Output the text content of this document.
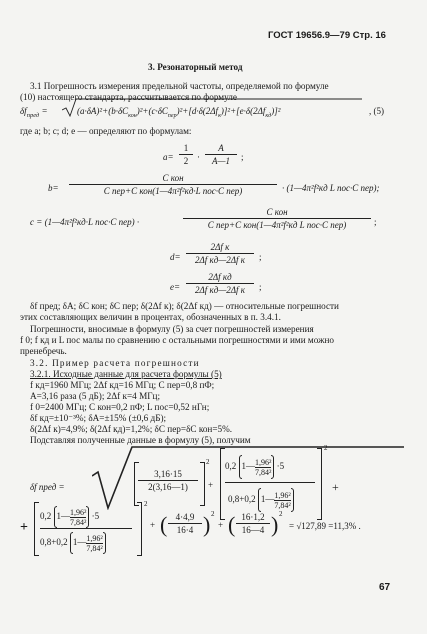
ГОСТ 19656.9—79 Стр. 16
3. Резонаторный метод
3.1 Погрешность измерения предельной частоты, определяемой по формуле
(10) настоящего стандарта, рассчитывается по формуле
$\delta f_{пред}$ =	$(a\cdot\delta A)^2+(b\cdot\delta C_{кон})^2+(c\cdot\delta C_{пер})^2+[d\cdot\delta(2\Delta f_к)]^2+[e\cdot\delta(2\Delta f_{кд})]^2$	, (5)
где a; b; c; d; e — определяют по формулам:
$a= \frac{1}{2} \cdot \frac{A}{A—1}$ ;
b=
C кон
C пер+C кон(1—4π²f²кд·L пос·C пер)	· (1—4π²f²кд L пос·C пер);
c = (1—4π²f²кд·L пос·C пер) ·
C кон
C пер+C кон(1—4π²f²кд L пос·C пер)	;
d=
2Δf к
2Δf кд—2Δf к	;
e=
2Δf кд
2Δf кд—2Δf к	;
δf пред; δA; δC кон; δC пер; δ(2Δf к); δ(2Δf кд) — относительные погрешности
этих составляющих величин в процентах, обозначенных в п. 3.4.1.
Погрешности, вносимые в формулу (5) за счет погрешностей измерения
f 0; f кд и L пос малы по сравнению с остальными погрешностями и ими можно
пренебречь.
3.2. Пример расчета погрешности
3.2.1. Исходные данные для расчета формулы (5)
f кд=1960 МГц; 2Δf кд=16 МГц; C пер=0,8 пФ;
A=3,16 раза (5 дБ); 2Δf к=4 МГц;
f 0=2400 МГц; C кон=0,2 пФ; L пос=0,52 нГн;
δf кд=±10⁻³%; δA=±15% (±0,6 дБ);
δ(2Δf к)=4,9%; δ(2Δf кд)=1,2%; δC пер=δC кон=5%.
Подставляя полученные данные в формулу (5), получим
δf пред =	$\frac{3,16\cdot 15}{2(3,16—1)}$
2
+
0,2 1— $\frac{\text{1,96²}}{\text{7,84²}} \cdot 5$
0,8+0,2 1— $\frac{\text{1,96²}}{\text{7,84²}}$
2
+
+
0,2 1— $\frac{\text{1,96²}}{\text{7,84²}} \cdot 5$
0,8+0,2 1— $\frac{\text{1,96²}}{\text{7,84²}}$
2
+ ( $\frac{4\cdot 4,9}{16\cdot 4}$ ) 2
+ ( $\frac{16\cdot 1,2}{16—4}$ ) 2
= √127,89 =11,3% .
67
